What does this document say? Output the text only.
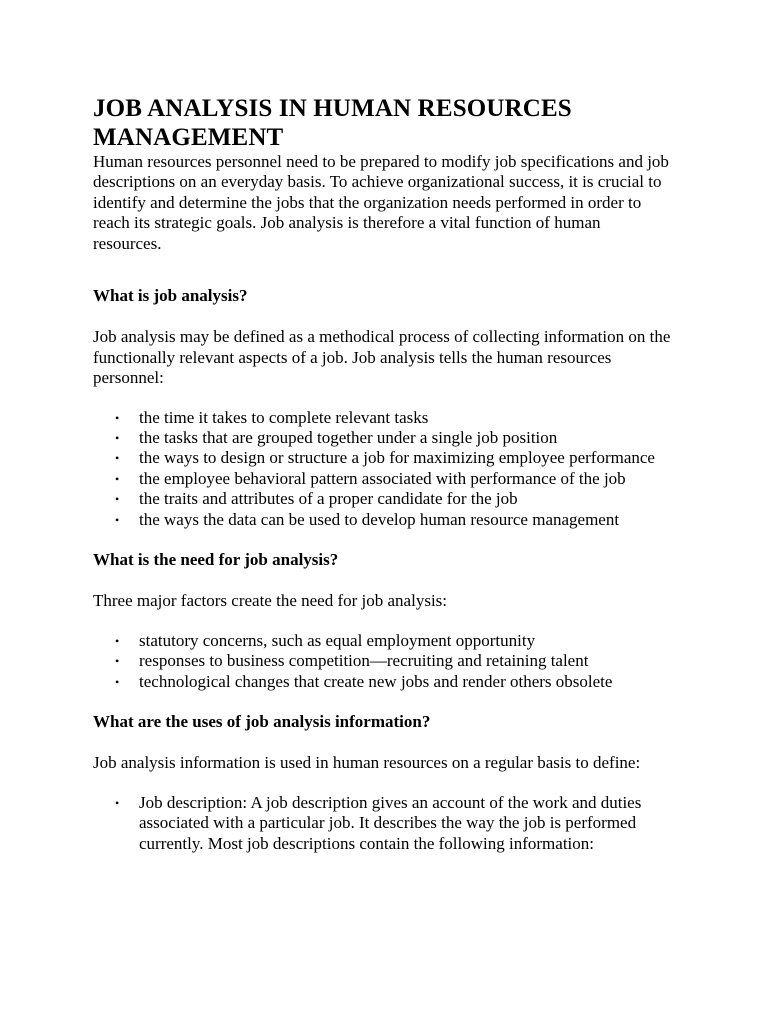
JOB ANALYSIS IN HUMAN RESOURCES MANAGEMENT

Human resources personnel need to be prepared to modify job specifications and job descriptions on an everyday basis. To achieve organizational success, it is crucial to identify and determine the jobs that the organization needs performed in order to reach its strategic goals. Job analysis is therefore a vital function of human resources.

What is job analysis?

Job analysis may be defined as a methodical process of collecting information on the functionally relevant aspects of a job. Job analysis tells the human resources personnel:

• the time it takes to complete relevant tasks
• the tasks that are grouped together under a single job position
• the ways to design or structure a job for maximizing employee performance
• the employee behavioral pattern associated with performance of the job
• the traits and attributes of a proper candidate for the job
• the ways the data can be used to develop human resource management
What is the need for job analysis?

Three major factors create the need for job analysis:

• statutory concerns, such as equal employment opportunity
• responses to business competition—recruiting and retaining talent
• technological changes that create new jobs and render others obsolete
What are the uses of job analysis information?

Job analysis information is used in human resources on a regular basis to define:

• Job description: A job description gives an account of the work and duties associated with a particular job. It describes the way the job is performed currently. Most job descriptions contain the following information:
